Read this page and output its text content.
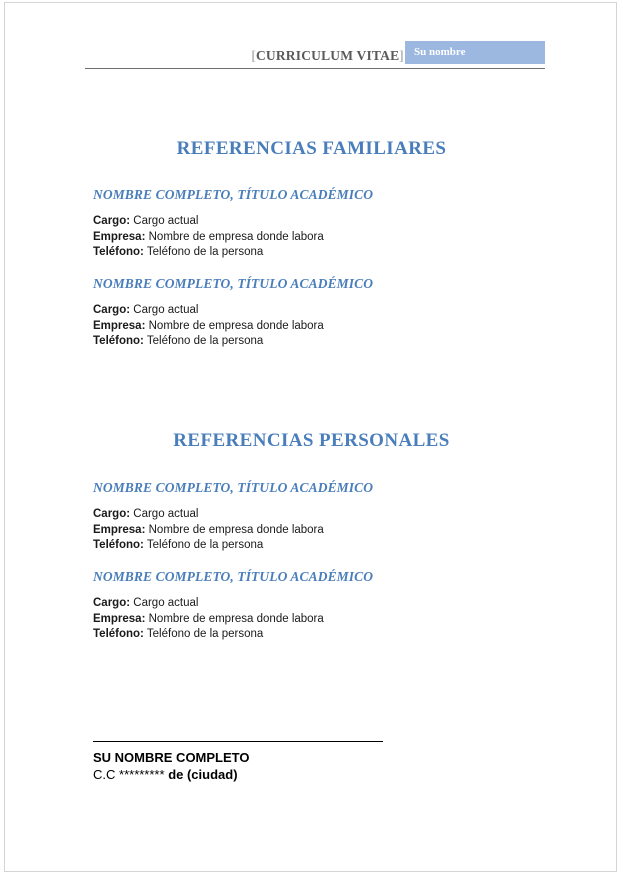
[CURRICULUM VITAE] Su nombre
REFERENCIAS FAMILIARES
NOMBRE COMPLETO, TÍTULO ACADÉMICO
Cargo: Cargo actual
Empresa: Nombre de empresa donde labora
Teléfono: Teléfono de la persona
NOMBRE COMPLETO, TÍTULO ACADÉMICO
Cargo: Cargo actual
Empresa: Nombre de empresa donde labora
Teléfono: Teléfono de la persona
REFERENCIAS PERSONALES
NOMBRE COMPLETO, TÍTULO ACADÉMICO
Cargo: Cargo actual
Empresa: Nombre de empresa donde labora
Teléfono: Teléfono de la persona
NOMBRE COMPLETO, TÍTULO ACADÉMICO
Cargo: Cargo actual
Empresa: Nombre de empresa donde labora
Teléfono: Teléfono de la persona
SU NOMBRE COMPLETO
C.C ********* de (ciudad)
